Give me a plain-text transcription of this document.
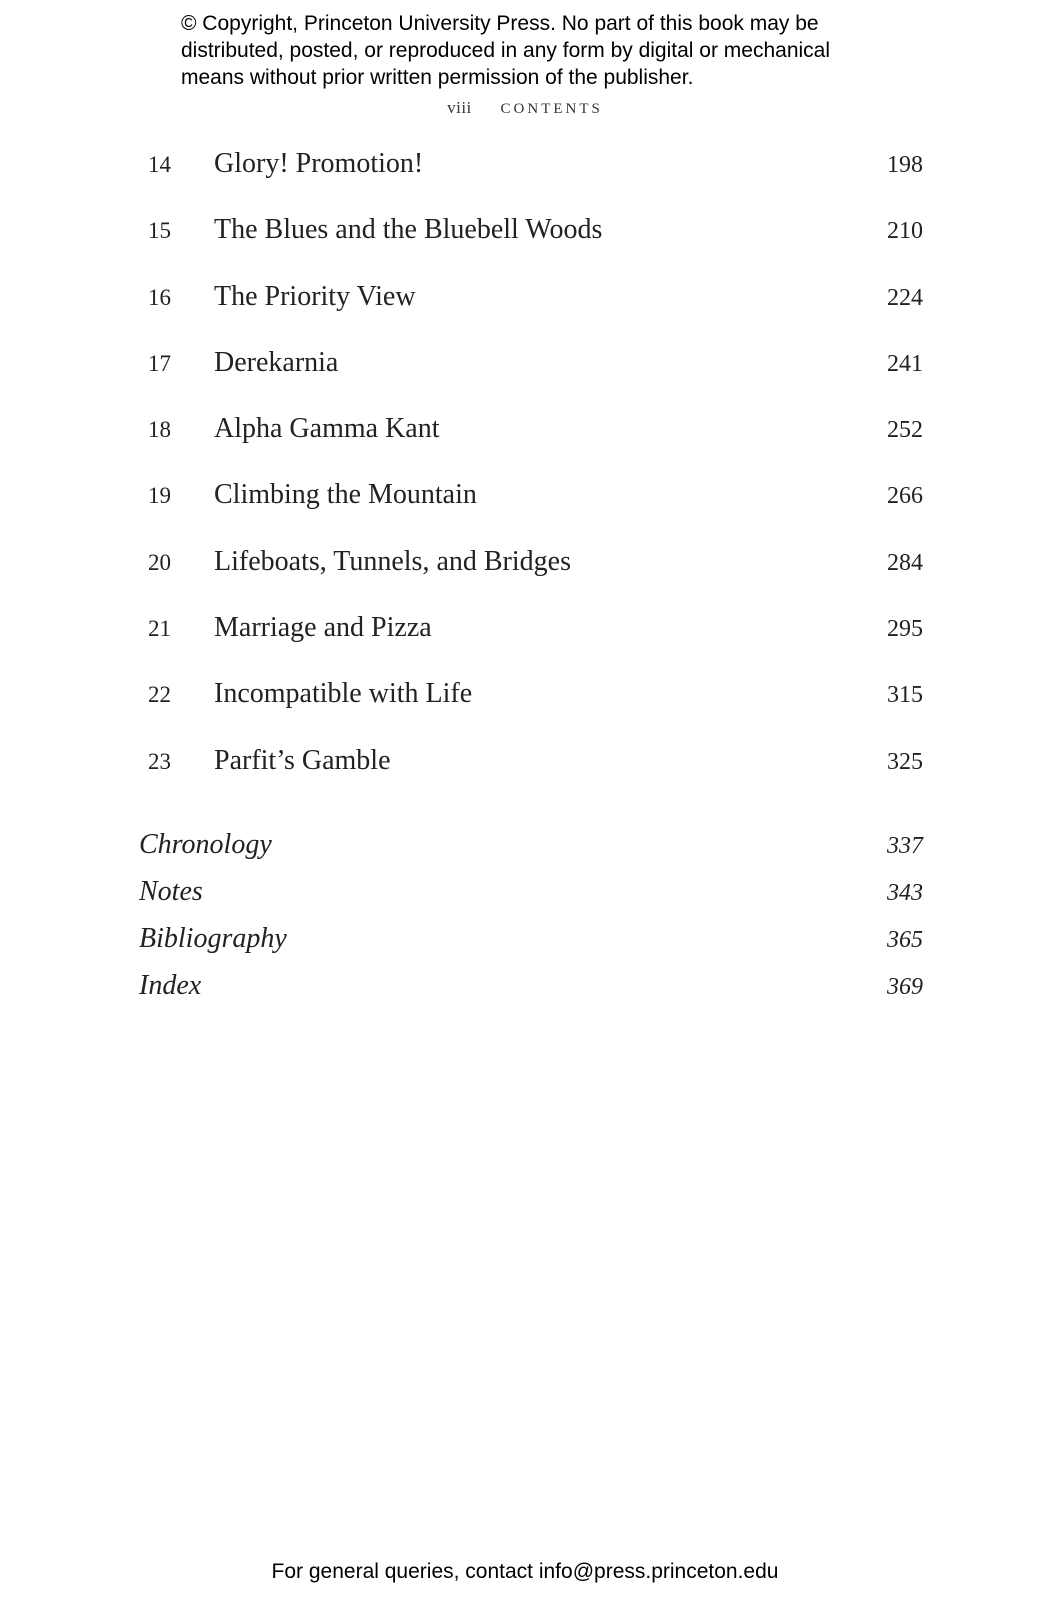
© Copyright, Princeton University Press. No part of this book may be
distributed, posted, or reproduced in any form by digital or mechanical
means without prior written permission of the publisher.
viii CONTENTS
14 Glory! Promotion!	198
15 The Blues and the Bluebell Woods	210
16 The Priority View	224
17 Derekarnia	241
18 Alpha Gamma Kant	252
19 Climbing the Mountain	266
20 Lifeboats, Tunnels, and Bridges	284
21 Marriage and Pizza	295
22 Incompatible with Life	315
23 Parfit’s Gamble	325
Chronology	337
Notes	343
Bibliography	365
Index	369
For general queries, contact info@press.princeton.edu
